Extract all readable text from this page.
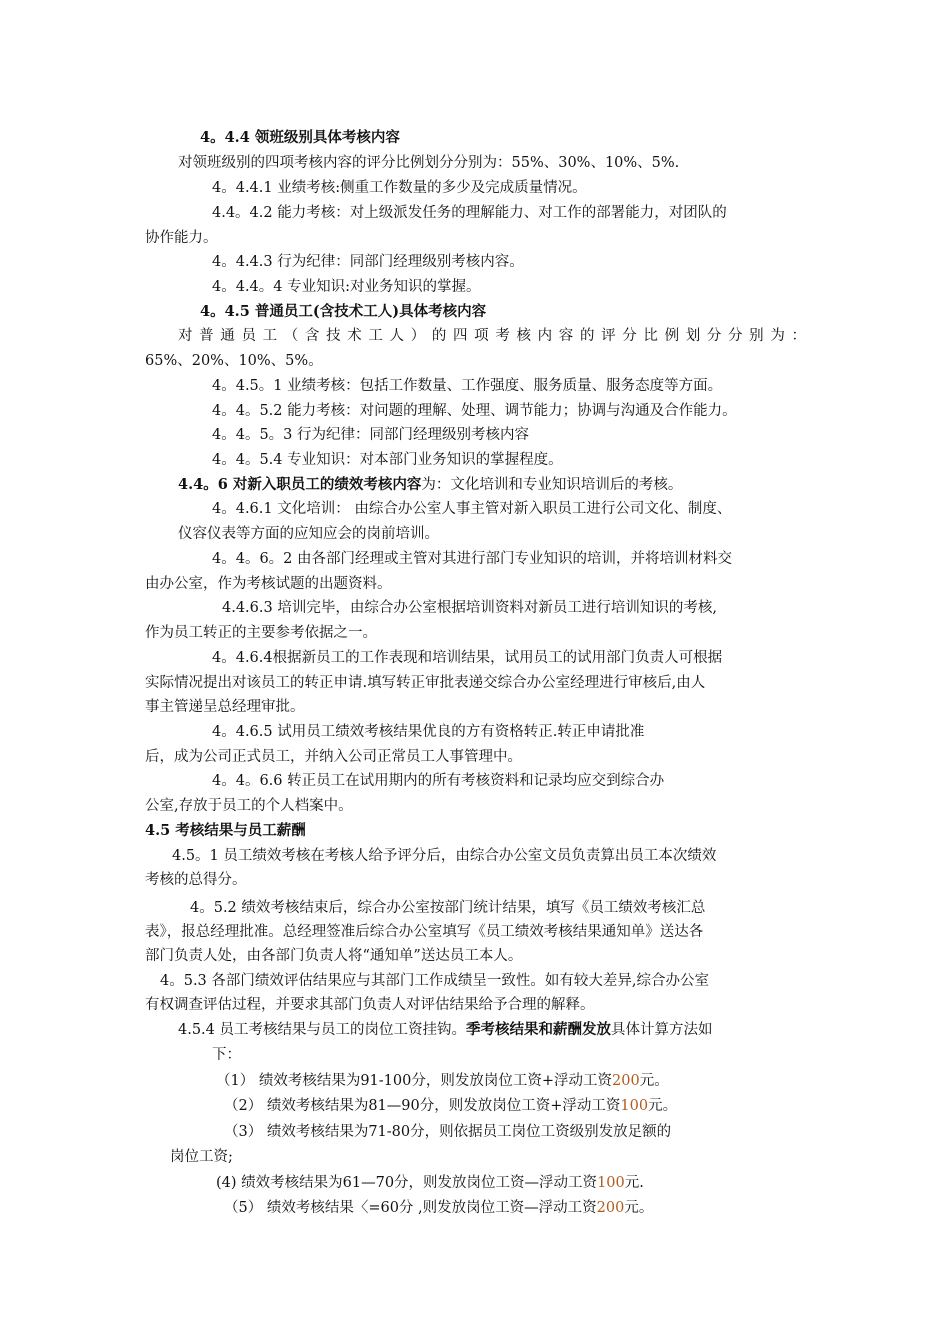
4。4.4 领班级别具体考核内容
对领班级别的四项考核内容的评分比例划分分别为：55%、30%、10%、5%.
4。4.4.1 业绩考核:侧重工作数量的多少及完成质量情况。
4.4。4.2 能力考核：对上级派发任务的理解能力、对工作的部署能力，对团队的
协作能力。
4。4.4.3 行为纪律：同部门经理级别考核内容。
4。4.4。4 专业知识:对业务知识的掌握。
4。4.5 普通员工(含技术工人)具体考核内容
对普通员工（含技术工人）的四项考核内容的评分比例划分分别为：
65%、20%、10%、5%。
4。4.5。1 业绩考核：包括工作数量、工作强度、服务质量、服务态度等方面。
4。4。5.2 能力考核：对问题的理解、处理、调节能力；协调与沟通及合作能力。
4。4。5。3 行为纪律：同部门经理级别考核内容
4。4。5.4 专业知识：对本部门业务知识的掌握程度。
4.4。6 对新入职员工的绩效考核内容为：文化培训和专业知识培训后的考核。
4。4.6.1 文化培训： 由综合办公室人事主管对新入职员工进行公司文化、制度、
仪容仪表等方面的应知应会的岗前培训。
4。4。6。2 由各部门经理或主管对其进行部门专业知识的培训，并将培训材料交
由办公室，作为考核试题的出题资料。
4.4.6.3 培训完毕，由综合办公室根据培训资料对新员工进行培训知识的考核,
作为员工转正的主要参考依据之一。
4。4.6.4根据新员工的工作表现和培训结果，试用员工的试用部门负责人可根据
实际情况提出对该员工的转正申请.填写转正审批表递交综合办公室经理进行审核后,由人
事主管递呈总经理审批。
4。4.6.5 试用员工绩效考核结果优良的方有资格转正.转正申请批准
后，成为公司正式员工，并纳入公司正常员工人事管理中。
4。4。6.6 转正员工在试用期内的所有考核资料和记录均应交到综合办
公室,存放于员工的个人档案中。
4.5 考核结果与员工薪酬
4.5。1 员工绩效考核在考核人给予评分后，由综合办公室文员负责算出员工本次绩效
考核的总得分。
4。5.2 绩效考核结束后，综合办公室按部门统计结果，填写《员工绩效考核汇总
表》，报总经理批准。总经理签准后综合办公室填写《员工绩效考核结果通知单》送达各
部门负责人处，由各部门负责人将“通知单”送达员工本人。
4。5.3 各部门绩效评估结果应与其部门工作成绩呈一致性。如有较大差异,综合办公室
有权调查评估过程，并要求其部门负责人对评估结果给予合理的解释。
4.5.4 员工考核结果与员工的岗位工资挂钩。季考核结果和薪酬发放具体计算方法如
下：
（1） 绩效考核结果为91-100分，则发放岗位工资+浮动工资200元。
（2） 绩效考核结果为81—90分，则发放岗位工资+浮动工资100元。
（3） 绩效考核结果为71-80分，则依据员工岗位工资级别发放足额的
岗位工资;
(4) 绩效考核结果为61—70分，则发放岗位工资—浮动工资100元.
（5） 绩效考核结果〈=60分 ,则发放岗位工资—浮动工资200元。
